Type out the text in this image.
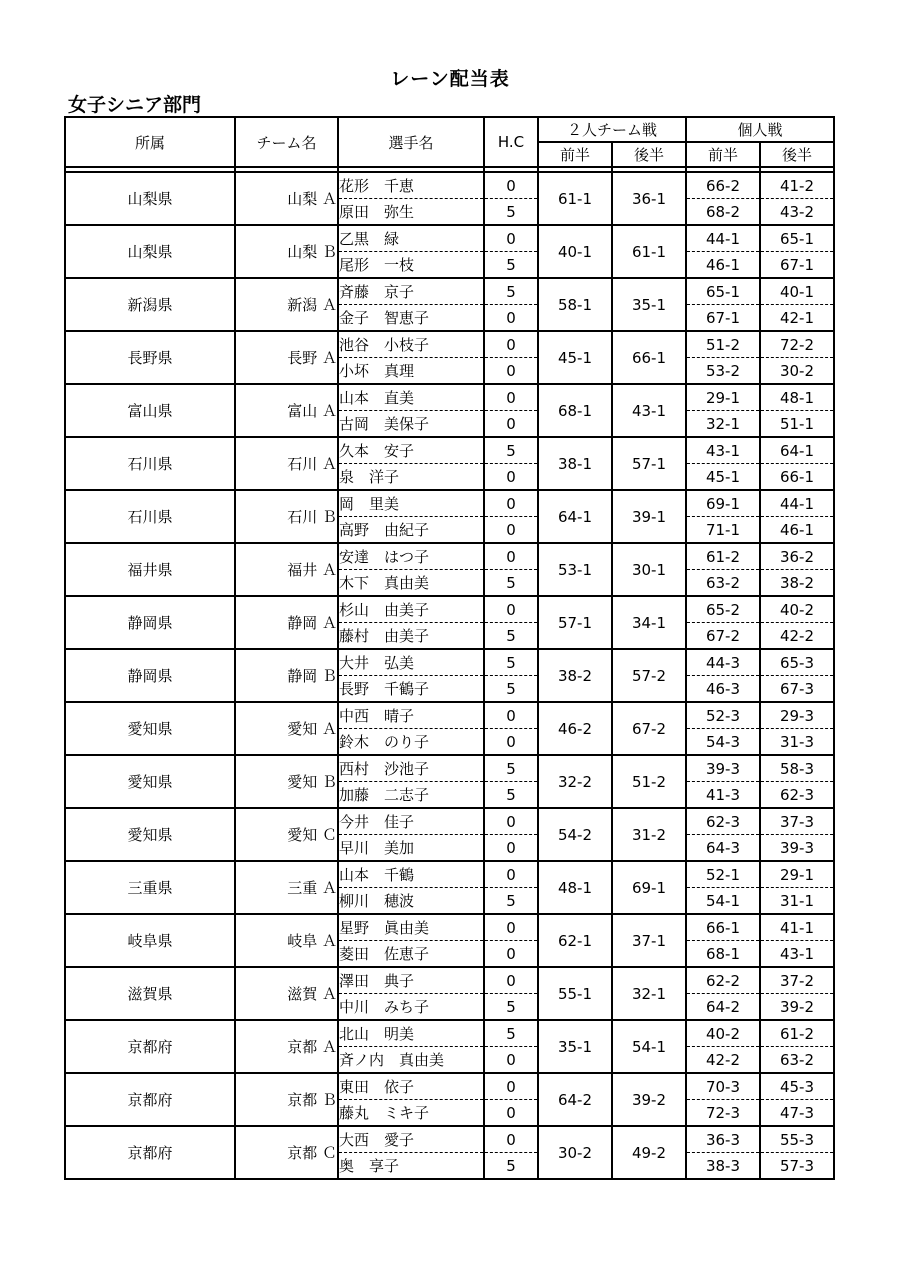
レーン配当表
女子シニア部門
所属	チーム名	選手名	H.C	２人チーム戦		個人戦	
				前半	後半	前半	後半

山梨県	山梨 Ａ	花形　千恵	0	61-1	36-1	66-2	41-2
		原田　弥生	5			68-2	43-2
山梨県	山梨 Ｂ	乙黒　緑	0	40-1	61-1	44-1	65-1
		尾形　一枝	5			46-1	67-1
新潟県	新潟 Ａ	斉藤　京子	5	58-1	35-1	65-1	40-1
		金子　智恵子	0			67-1	42-1
長野県	長野 Ａ	池谷　小枝子	0	45-1	66-1	51-2	72-2
		小坏　真理	0			53-2	30-2
富山県	富山 Ａ	山本　直美	0	68-1	43-1	29-1	48-1
		古岡　美保子	0			32-1	51-1
石川県	石川 Ａ	久本　安子	5	38-1	57-1	43-1	64-1
		泉　洋子	0			45-1	66-1
石川県	石川 Ｂ	岡　里美	0	64-1	39-1	69-1	44-1
		高野　由紀子	0			71-1	46-1
福井県	福井 Ａ	安達　はつ子	0	53-1	30-1	61-2	36-2
		木下　真由美	5			63-2	38-2
静岡県	静岡 Ａ	杉山　由美子	0	57-1	34-1	65-2	40-2
		藤村　由美子	5			67-2	42-2
静岡県	静岡 Ｂ	大井　弘美	5	38-2	57-2	44-3	65-3
		長野　千鶴子	5			46-3	67-3
愛知県	愛知 Ａ	中西　晴子	0	46-2	67-2	52-3	29-3
		鈴木　のり子	0			54-3	31-3
愛知県	愛知 Ｂ	西村　沙池子	5	32-2	51-2	39-3	58-3
		加藤　二志子	5			41-3	62-3
愛知県	愛知 Ｃ	今井　佳子	0	54-2	31-2	62-3	37-3
		早川　美加	0			64-3	39-3
三重県	三重 Ａ	山本　千鶴	0	48-1	69-1	52-1	29-1
		柳川　穂波	5			54-1	31-1
岐阜県	岐阜 Ａ	星野　眞由美	0	62-1	37-1	66-1	41-1
		菱田　佐恵子	0			68-1	43-1
滋賀県	滋賀 Ａ	澤田　典子	0	55-1	32-1	62-2	37-2
		中川　みち子	5			64-2	39-2
京都府	京都 Ａ	北山　明美	5	35-1	54-1	40-2	61-2
		斉ノ内　真由美	0			42-2	63-2
京都府	京都 Ｂ	東田　依子	0	64-2	39-2	70-3	45-3
		藤丸　ミキ子	0			72-3	47-3
京都府	京都 Ｃ	大西　愛子	0	30-2	49-2	36-3	55-3
		奥　享子	5			38-3	57-3
